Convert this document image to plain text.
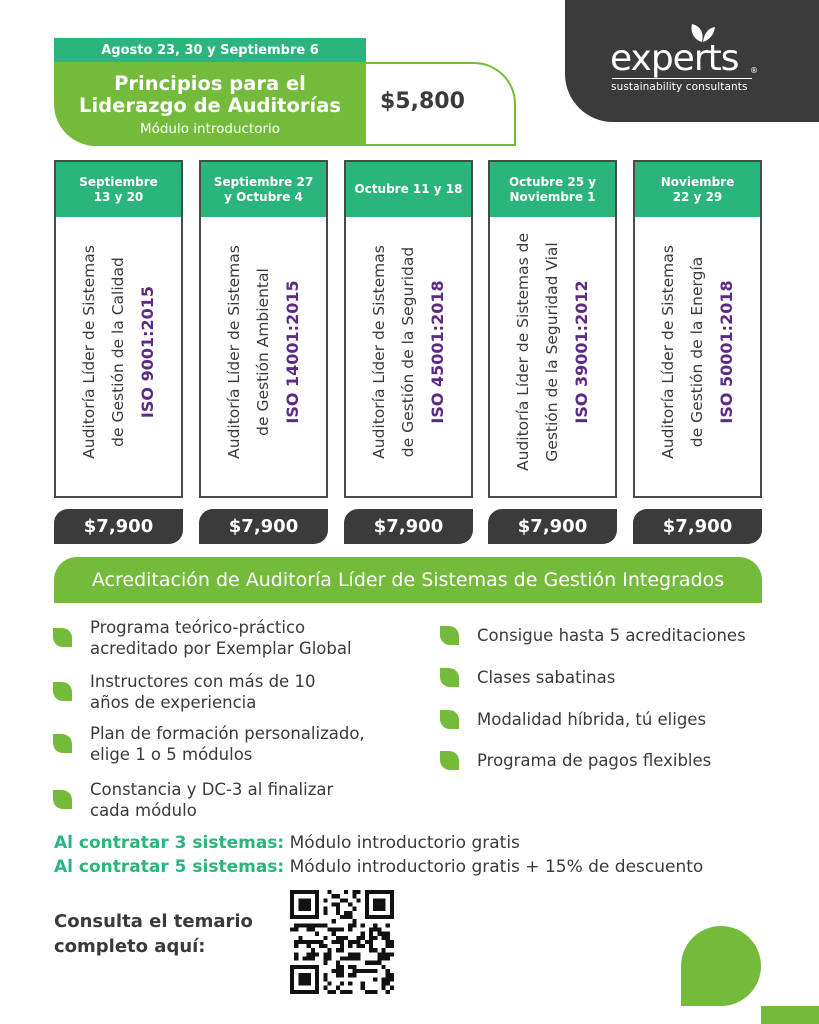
experts ®
sustainability consultants
Agosto 23, 30 y Septiembre 6
Principios para el
Liderazgo de Auditorías
Módulo introductorio
$5,800
Septiembre
13 y 20
Auditoría Líder de Sistemas de Gestión de la Calidad ISO 9001:2015
Septiembre 27
y Octubre 4
Auditoría Líder de Sistemas de Gestión Ambiental ISO 14001:2015
Octubre 11 y 18
Auditoría Líder de Sistemas de Gestión de la Seguridad ISO 45001:2018
Octubre 25 y
Noviembre 1
Auditoría Líder de Sistemas de Gestión de la Seguridad Vial ISO 39001:2012
Noviembre
22 y 29
Auditoría Líder de Sistemas de Gestión de la Energía ISO 50001:2018
$7,900	$7,900	$7,900	$7,900	$7,900
Acreditación de Auditoría Líder de Sistemas de Gestión Integrados
Programa teórico-práctico
acreditado por Exemplar Global
Instructores con más de 10
años de experiencia
Plan de formación personalizado,
elige 1 o 5 módulos
Constancia y DC-3 al finalizar
cada módulo
Consigue hasta 5 acreditaciones
Clases sabatinas
Modalidad híbrida, tú eliges
Programa de pagos flexibles
Al contratar 3 sistemas: Módulo introductorio gratis
Al contratar 5 sistemas: Módulo introductorio gratis + 15% de descuento
Consulta el temario
completo aquí:
